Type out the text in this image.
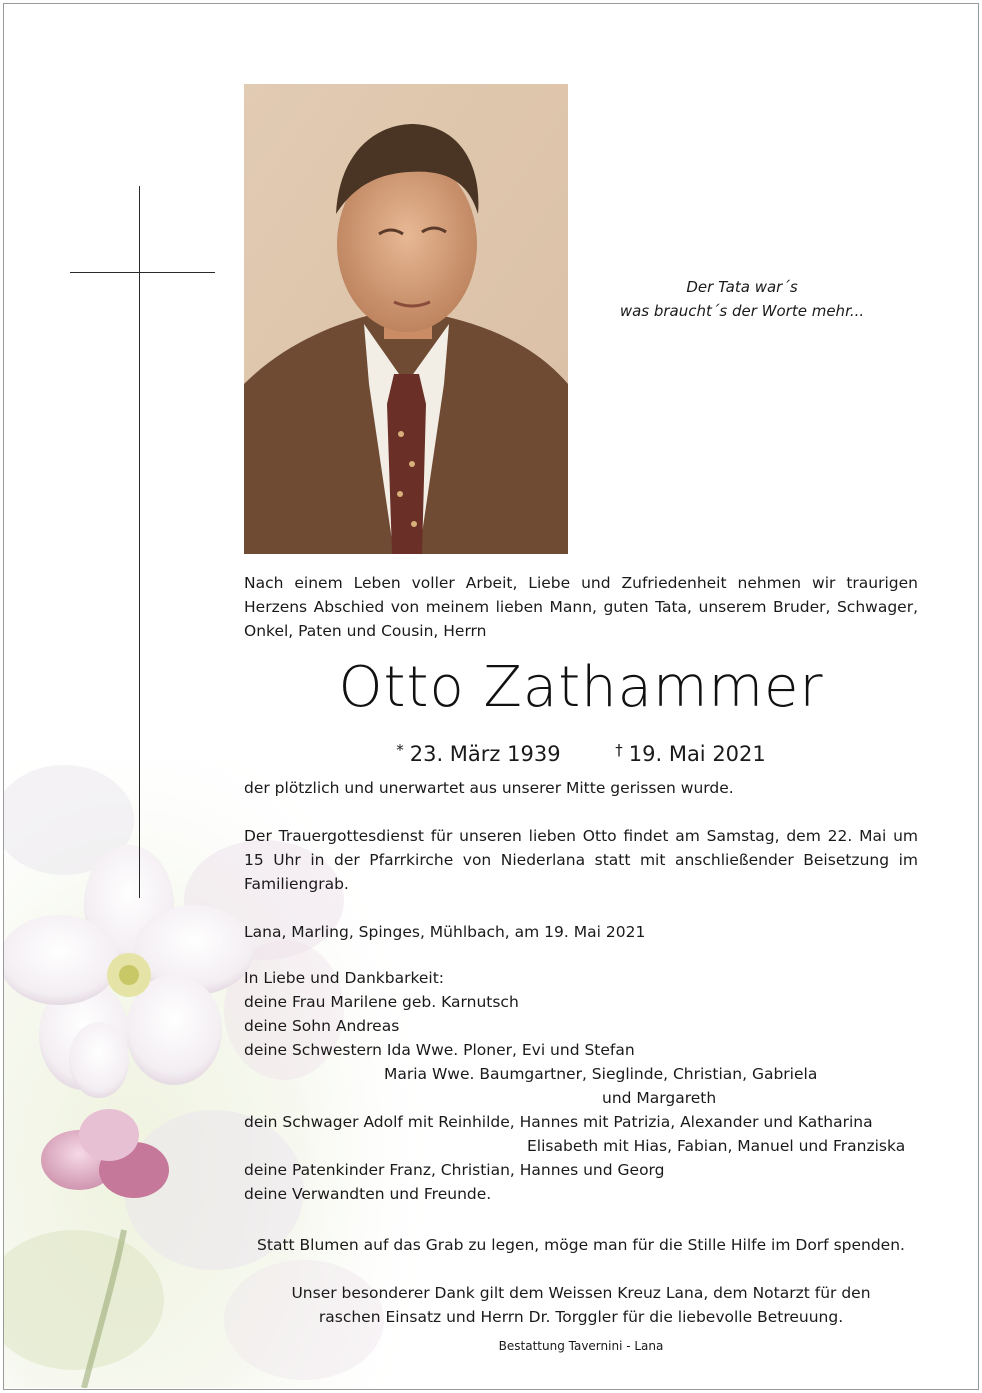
Der Tata war´s
was braucht´s der Worte mehr...
Nach einem Leben voller Arbeit, Liebe und Zufriedenheit nehmen wir traurigen Herzens Abschied von meinem lieben Mann, guten Tata, unserem Bruder, Schwager, Onkel, Paten und Cousin, Herrn
Otto Zathammer
* 23. März 1939	† 19. Mai 2021
der plötzlich und unerwartet aus unserer Mitte gerissen wurde.
Der Trauergottesdienst für unseren lieben Otto findet am Samstag, dem 22. Mai um 15 Uhr in der Pfarrkirche von Niederlana statt mit anschließender Beisetzung im Familiengrab.
Lana, Marling, Spinges, Mühlbach, am 19. Mai 2021
In Liebe und Dankbarkeit:
deine Frau Marilene geb. Karnutsch
deine Sohn Andreas
deine Schwestern Ida Wwe. Ploner, Evi und Stefan
Maria Wwe. Baumgartner, Sieglinde, Christian, Gabriela
und Margareth
dein Schwager Adolf mit Reinhilde, Hannes mit Patrizia, Alexander und Katharina
Elisabeth mit Hias, Fabian, Manuel und Franziska
deine Patenkinder Franz, Christian, Hannes und Georg
deine Verwandten und Freunde.
Statt Blumen auf das Grab zu legen, möge man für die Stille Hilfe im Dorf spenden.
Unser besonderer Dank gilt dem Weissen Kreuz Lana, dem Notarzt für den
raschen Einsatz und Herrn Dr. Torggler für die liebevolle Betreuung.
Bestattung Tavernini - Lana
